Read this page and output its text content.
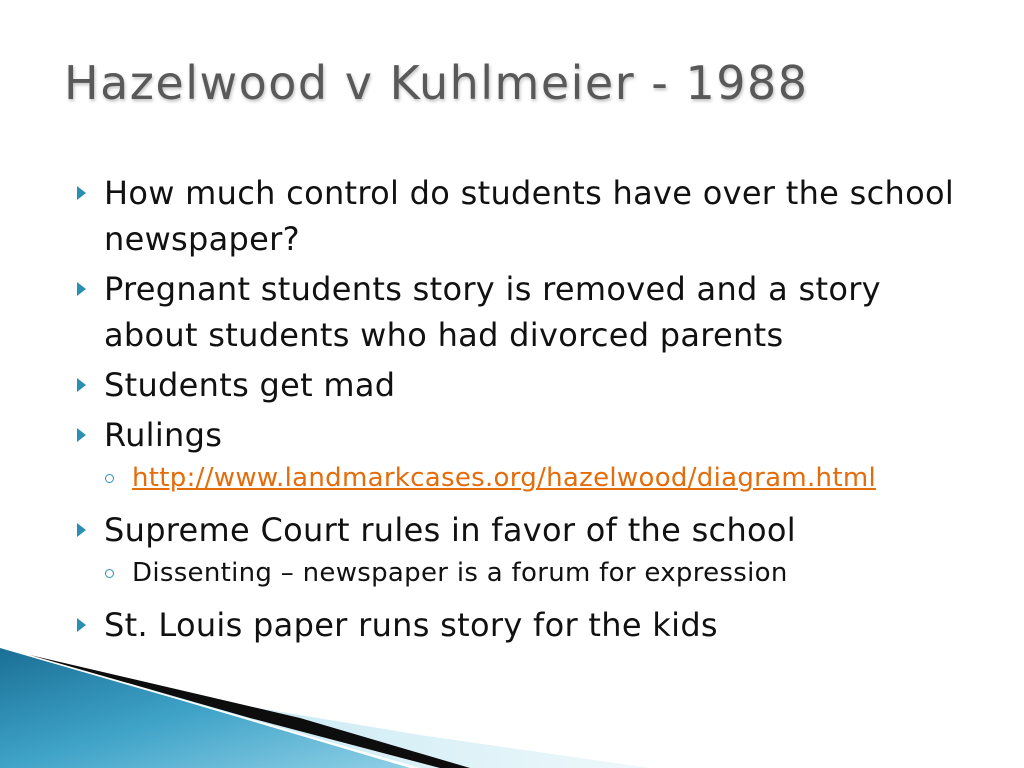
Hazelwood v Kuhlmeier - 1988
How much control do students have over the school newspaper?
Pregnant students story is removed and a story about students who had divorced parents
Students get mad
Rulings
http://www.landmarkcases.org/hazelwood/diagram.html
Supreme Court rules in favor of the school
Dissenting – newspaper is a forum for expression
St. Louis paper runs story for the kids
